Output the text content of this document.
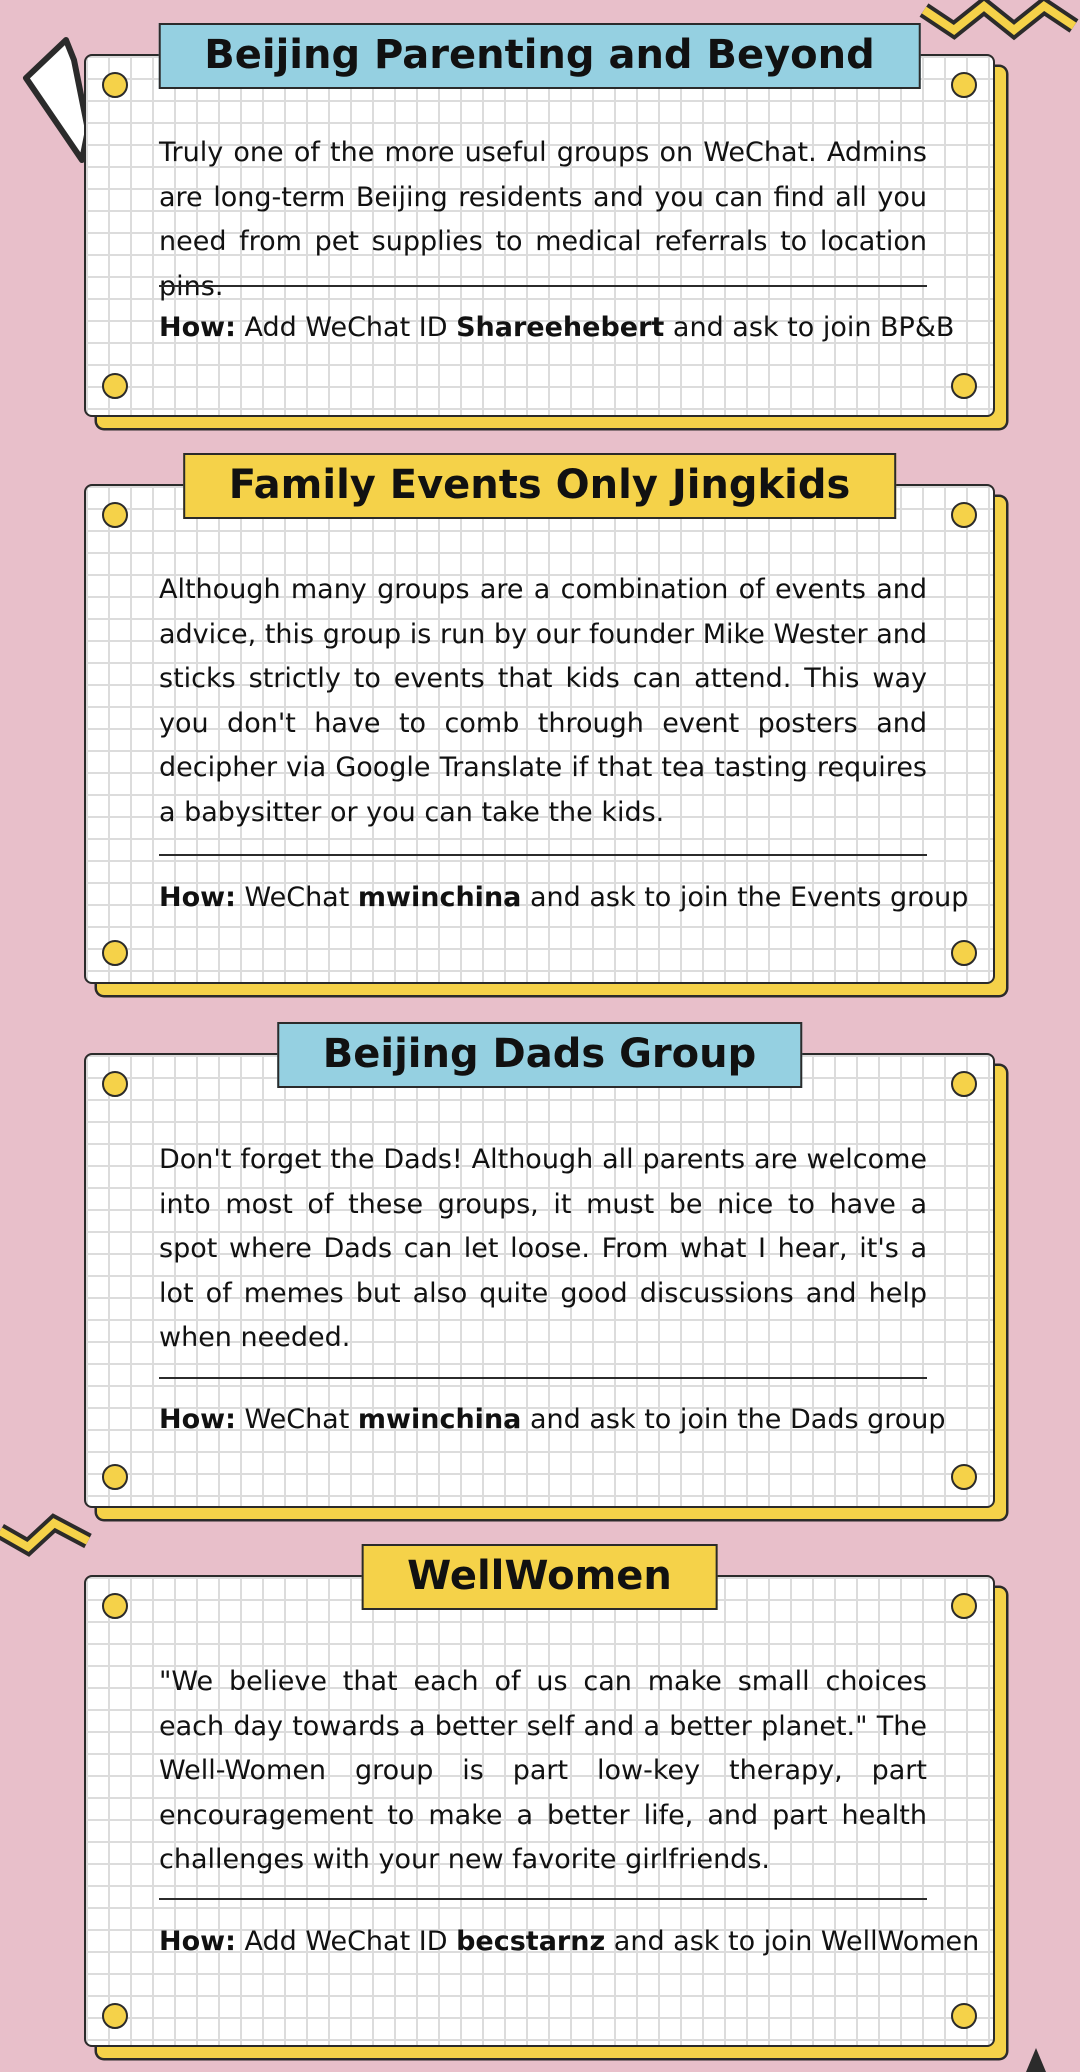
Beijing Parenting and Beyond
Truly one of the more useful groups on WeChat. Admins are long-term Beijing residents and you can find all you need from pet supplies to medical referrals to location pins.
How: Add WeChat ID Shareehebert and ask to join BP&B
Family Events Only Jingkids
Although many groups are a combination of events and advice, this group is run by our founder Mike Wester and sticks strictly to events that kids can attend. This way you don't have to comb through event posters and decipher via Google Translate if that tea tasting requires a babysitter or you can take the kids.
How: WeChat mwinchina and ask to join the Events group
Beijing Dads Group
Don't forget the Dads! Although all parents are welcome into most of these groups, it must be nice to have a spot where Dads can let loose. From what I hear, it's a lot of memes but also quite good discussions and help when needed.
How: WeChat mwinchina and ask to join the Dads group
WellWomen
"We believe that each of us can make small choices each day towards a better self and a better planet." The Well-Women group is part low-key therapy, part encouragement to make a better life, and part health challenges with your new favorite girlfriends.
How: Add WeChat ID becstarnz and ask to join WellWomen
